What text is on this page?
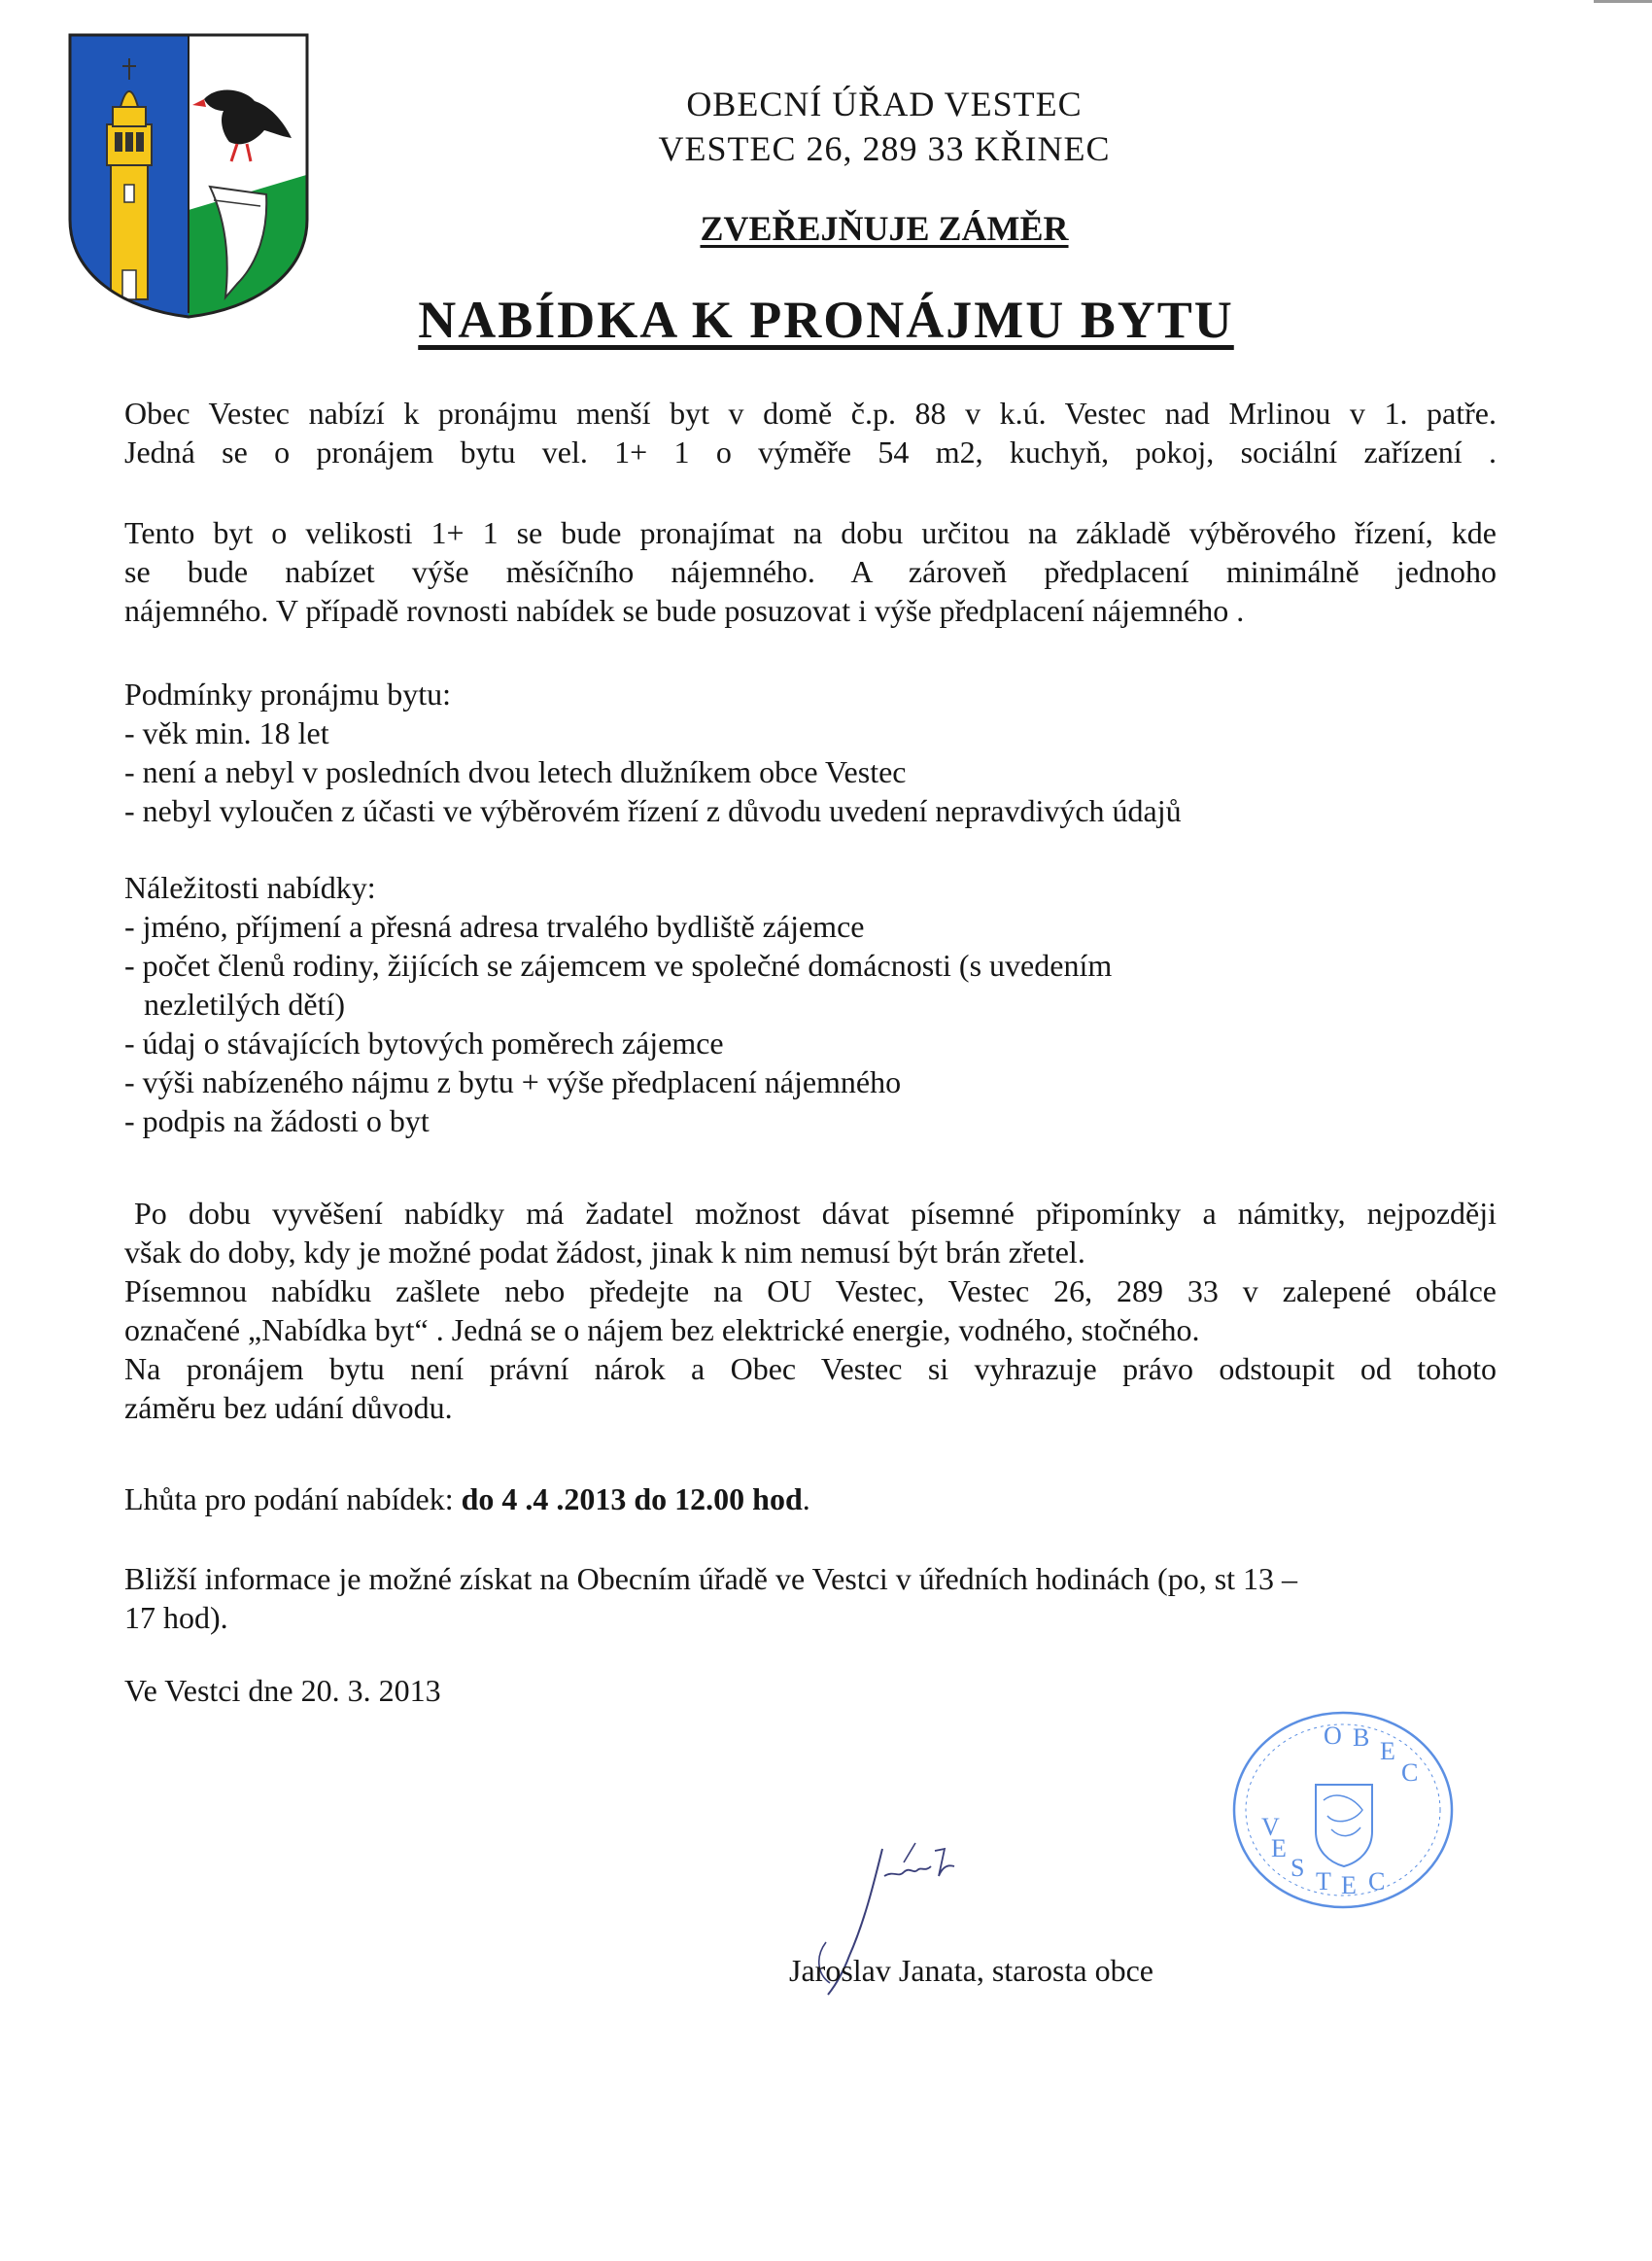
OBECNÍ ÚŘAD VESTEC
VESTEC 26, 289 33 KŘINEC
ZVEŘEJŇUJE ZÁMĚR
NABÍDKA K PRONÁJMU BYTU

Obec Vestec nabízí k pronájmu menší byt v domě č.p. 88 v k.ú. Vestec nad Mrlinou v 1. patře.

Jedná se o pronájem bytu vel. 1+ 1 o výměře 54 m2, kuchyň, pokoj, sociální zařízení .

Tento byt o velikosti 1+ 1 se bude pronajímat na dobu určitou na základě výběrového řízení, kde

se bude nabízet výše měsíčního nájemného. A zároveň předplacení minimálně jednoho

nájemného. V případě rovnosti nabídek se bude posuzovat i výše předplacení nájemného .

Podmínky pronájmu bytu:

- věk min. 18 let
- není a nebyl v posledních dvou letech dlužníkem obce Vestec
- nebyl vyloučen z účasti ve výběrovém řízení z důvodu uvedení nepravdivých údajů

Náležitosti nabídky:

- jméno, příjmení a přesná adresa trvalého bydliště zájemce
- počet členů rodiny, žijících se zájemcem ve společné domácnosti (s uvedením
nezletilých dětí)
- údaj o stávajících bytových poměrech zájemce
- výši nabízeného nájmu z bytu + výše předplacení nájemného
- podpis na žádosti o byt

Po dobu vyvěšení nabídky má žadatel možnost dávat písemné připomínky a námitky, nejpozději

však do doby, kdy je možné podat žádost, jinak k nim nemusí být brán zřetel.

Písemnou nabídku zašlete nebo předejte na OU Vestec, Vestec 26, 289 33 v zalepené obálce

označené „Nabídka byt“ . Jedná se o nájem bez elektrické energie, vodného, stočného.

Na pronájem bytu není právní nárok a Obec Vestec si vyhrazuje právo odstoupit od tohoto

záměru bez udání důvodu.

Lhůta pro podání nabídek: do 4 .4 .2013 do 12.00 hod.

Bližší informace je možné získat na Obecním úřadě ve Vestci v úředních hodinách (po, st 13 –

17 hod).

Ve Vestci dne 20. 3. 2013

Jaroslav Janata, starosta obce
O B E
C
V
E
S T E C
